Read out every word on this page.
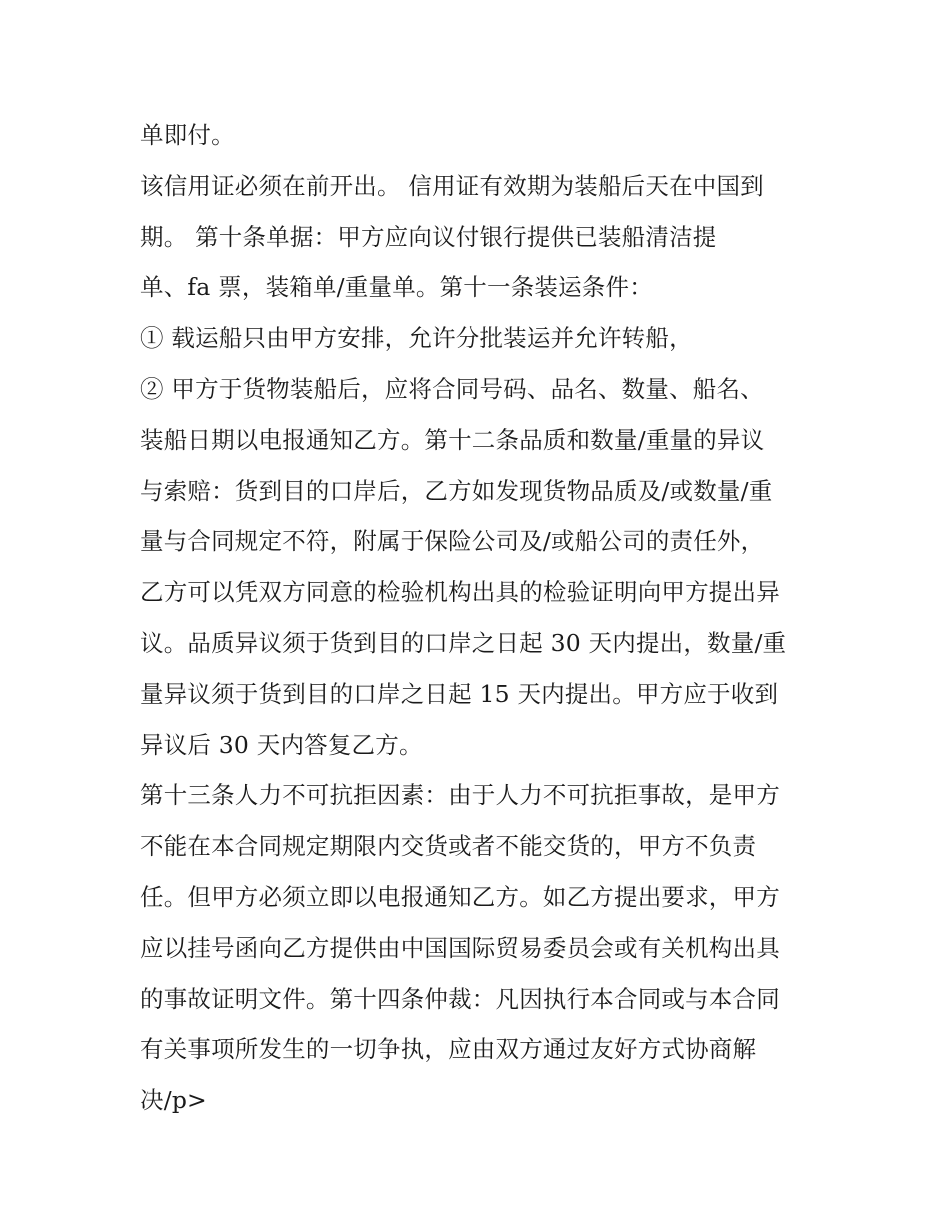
单即付。
该信用证必须在前开出。 信用证有效期为装船后天在中国到
期。 第十条单据：甲方应向议付银行提供已装船清洁提
单、fa 票，装箱单/重量单。第十一条装运条件：
① 载运船只由甲方安排，允许分批装运并允许转船，
② 甲方于货物装船后，应将合同号码、品名、数量、船名、
装船日期以电报通知乙方。第十二条品质和数量/重量的异议
与索赔：货到目的口岸后，乙方如发现货物品质及/或数量/重
量与合同规定不符，附属于保险公司及/或船公司的责任外，
乙方可以凭双方同意的检验机构出具的检验证明向甲方提出异
议。品质异议须于货到目的口岸之日起 30 天内提出，数量/重
量异议须于货到目的口岸之日起 15 天内提出。甲方应于收到
异议后 30 天内答复乙方。
第十三条人力不可抗拒因素：由于人力不可抗拒事故，是甲方
不能在本合同规定期限内交货或者不能交货的，甲方不负责
任。但甲方必须立即以电报通知乙方。如乙方提出要求，甲方
应以挂号函向乙方提供由中国国际贸易委员会或有关机构出具
的事故证明文件。第十四条仲裁：凡因执行本合同或与本合同
有关事项所发生的一切争执，应由双方通过友好方式协商解
决/p>
